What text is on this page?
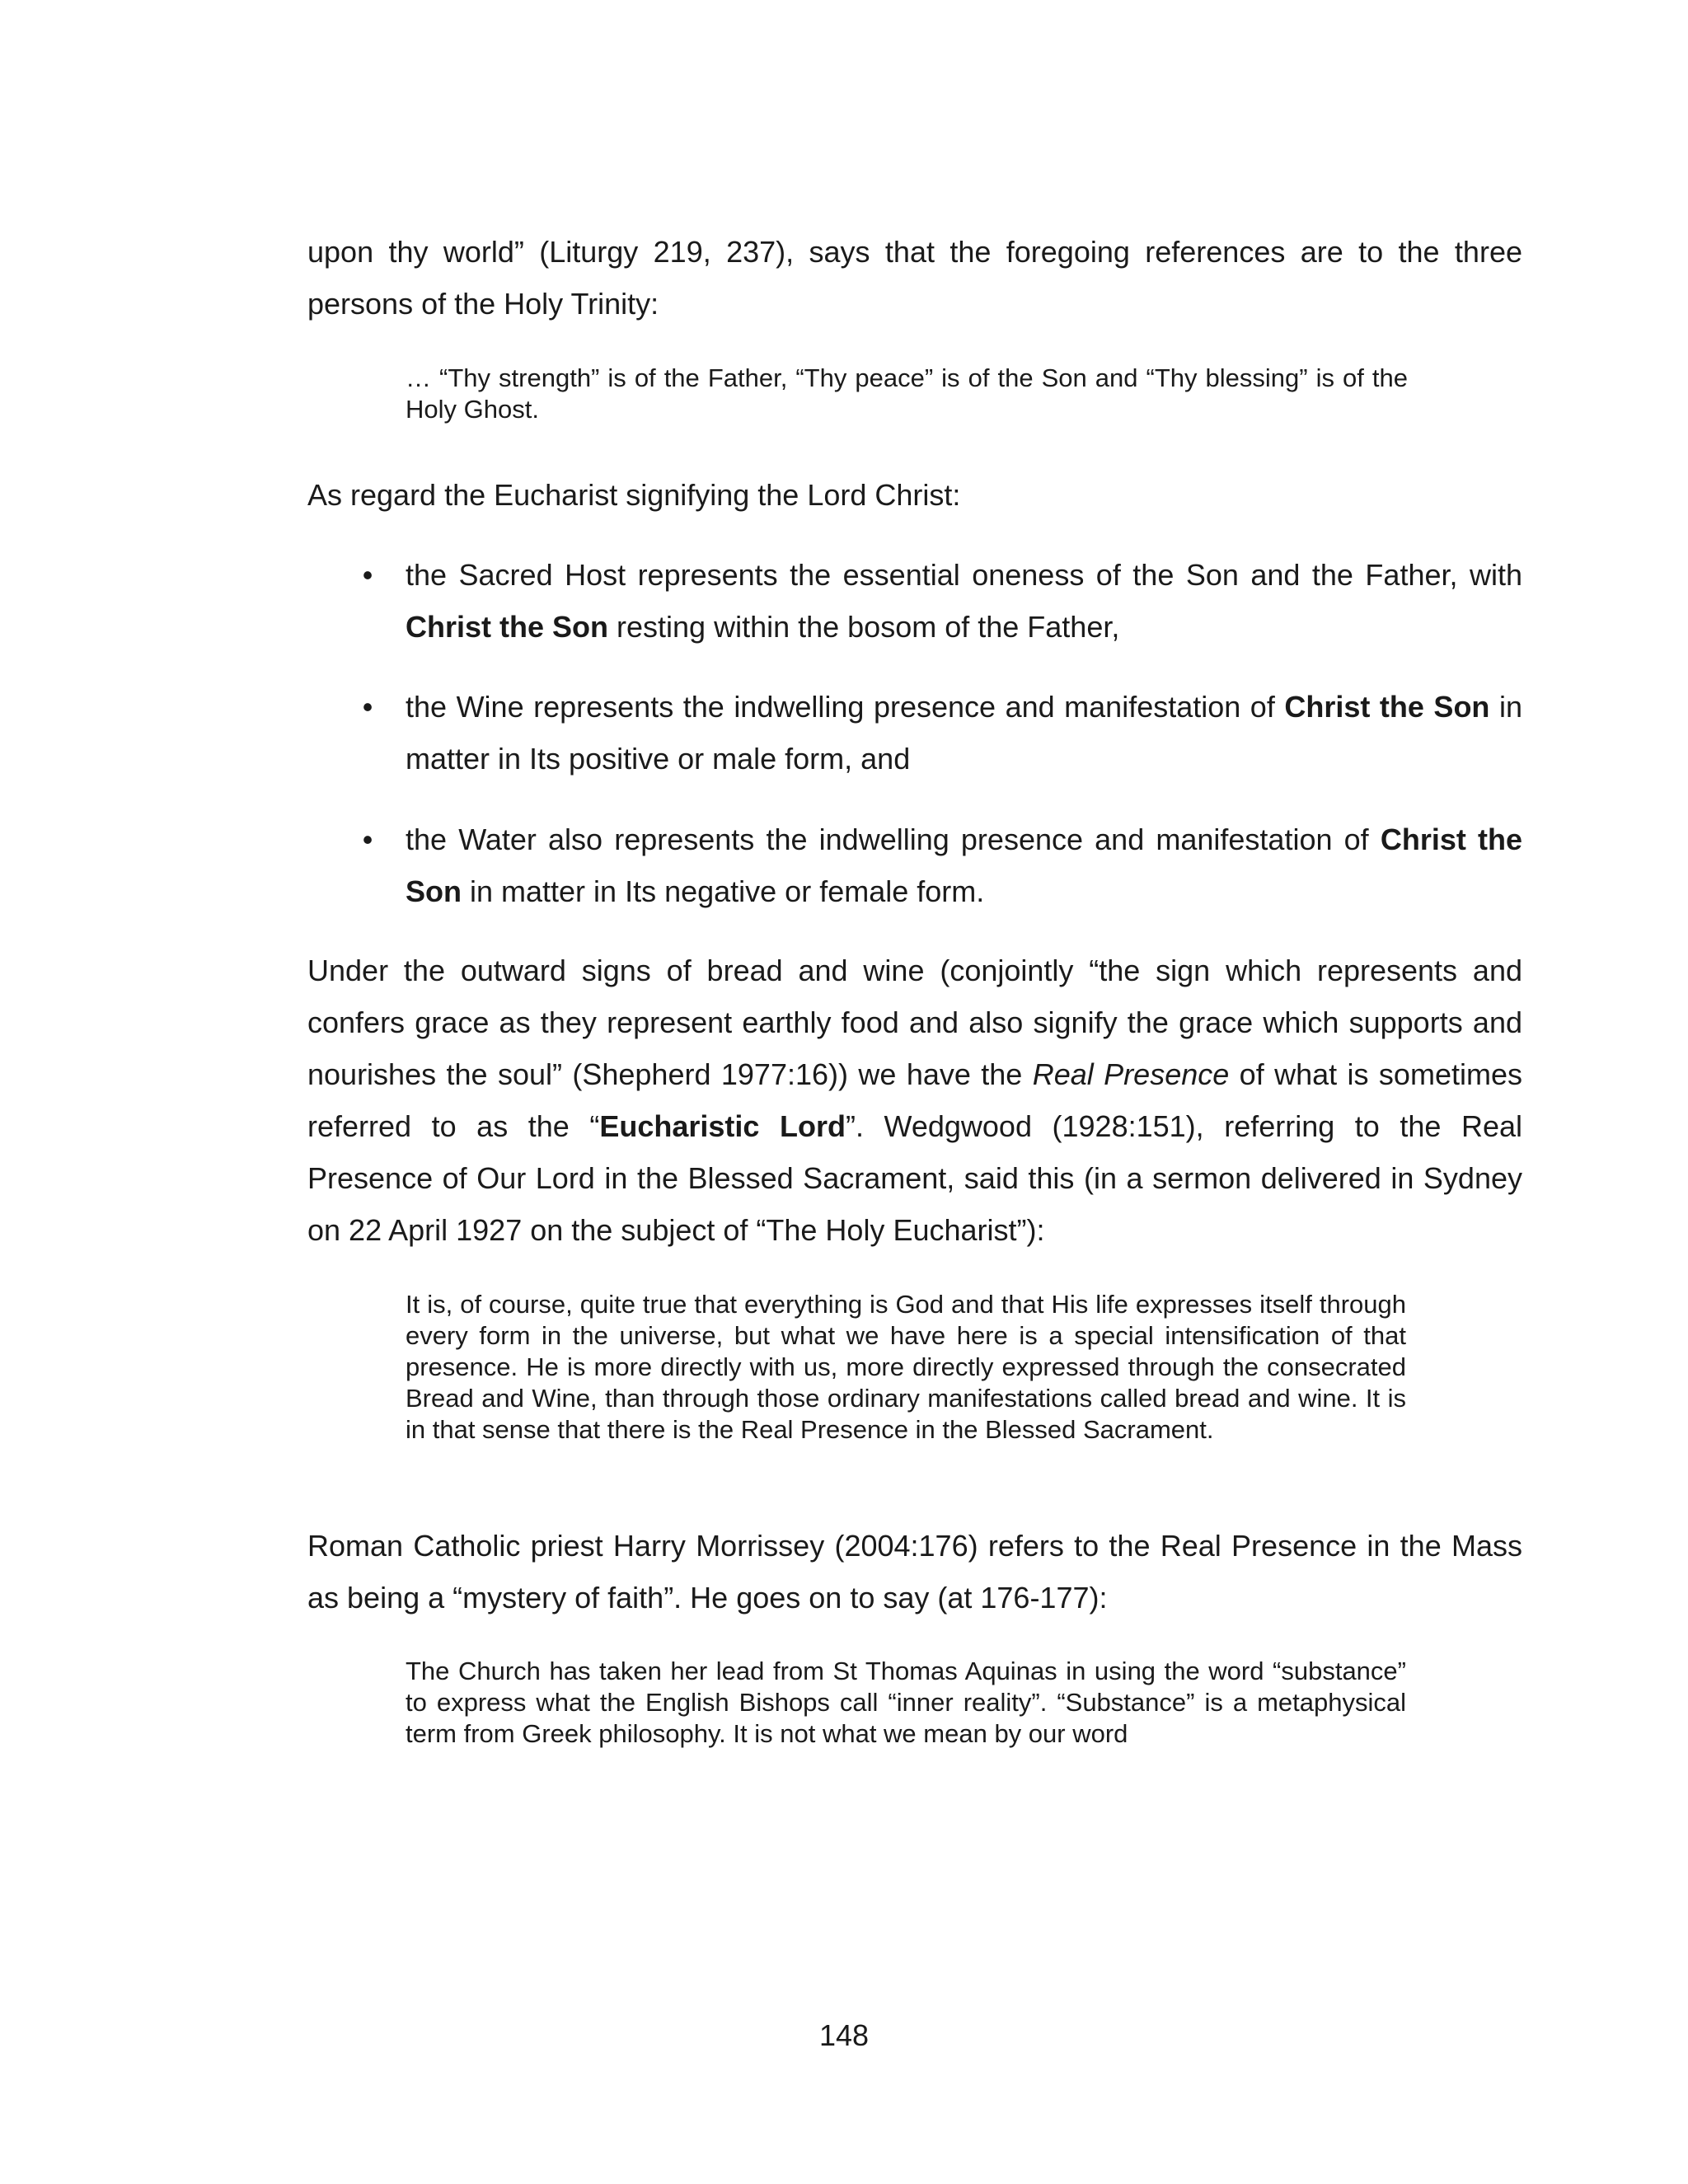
upon thy world” (Liturgy 219, 237), says that the foregoing references are to the three persons of the Holy Trinity:

… “Thy strength” is of the Father, “Thy peace” is of the Son and “Thy blessing” is of the Holy Ghost.

As regard the Eucharist signifying the Lord Christ:

• the Sacred Host represents the essential oneness of the Son and the Father, with Christ the Son resting within the bosom of the Father,

• the Wine represents the indwelling presence and manifestation of Christ the Son in matter in Its positive or male form, and

• the Water also represents the indwelling presence and manifestation of Christ the Son in matter in Its negative or female form.

Under the outward signs of bread and wine (conjointly “the sign which represents and confers grace as they represent earthly food and also signify the grace which supports and nourishes the soul” (Shepherd 1977:16)) we have the Real Presence of what is sometimes referred to as the “Eucharistic Lord”. Wedgwood (1928:151), referring to the Real Presence of Our Lord in the Blessed Sacrament, said this (in a sermon delivered in Sydney on 22 April 1927 on the subject of “The Holy Eucharist”):

It is, of course, quite true that everything is God and that His life expresses itself through every form in the universe, but what we have here is a special intensification of that presence. He is more directly with us, more directly expressed through the consecrated Bread and Wine, than through those ordinary manifestations called bread and wine. It is in that sense that there is the Real Presence in the Blessed Sacrament.

Roman Catholic priest Harry Morrissey (2004:176) refers to the Real Presence in the Mass as being a “mystery of faith”. He goes on to say (at 176-177):

The Church has taken her lead from St Thomas Aquinas in using the word “substance” to express what the English Bishops call “inner reality”. “Substance” is a metaphysical term from Greek philosophy. It is not what we mean by our word

148
